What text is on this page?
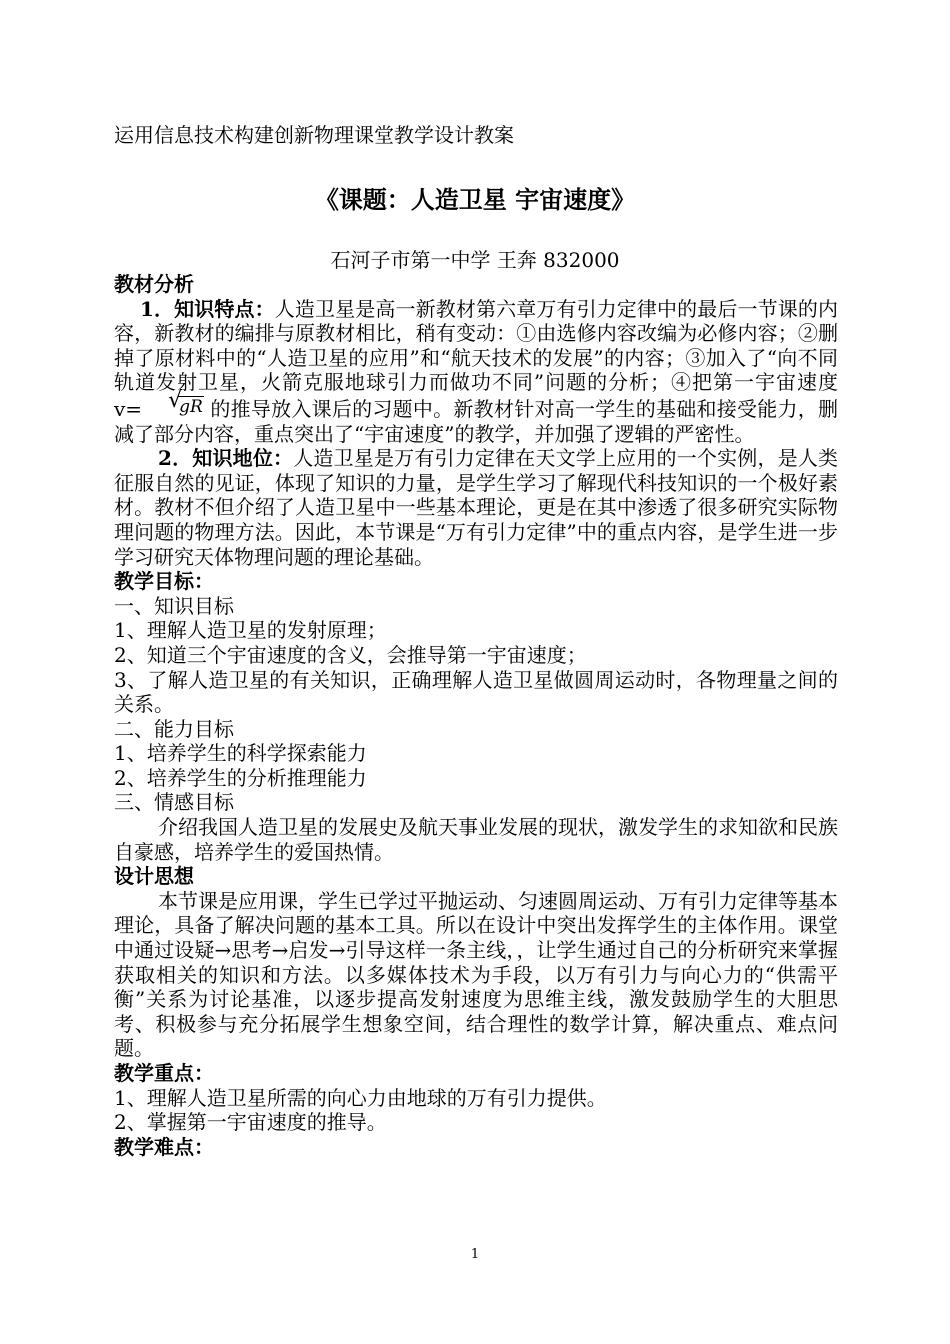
运用信息技术构建创新物理课堂教学设计教案
《课题：人造卫星 宇宙速度》
石河子市第一中学 王奔 832000

教材分析

1．知识特点：人造卫星是高一新教材第六章万有引力定律中的最后一节课的内容，新教材的编排与原教材相比，稍有变动：①由选修内容改编为必修内容；②删掉了原材料中的“人造卫星的应用”和“航天技术的发展”的内容；③加入了“向不同轨道发射卫星，火箭克服地球引力而做功不同”问题的分析；④把第一宇宙速度 v=	√
gR 的推导放入课后的习题中。新教材针对高一学生的基础和接受能力，删减了部分内容，重点突出了“宇宙速度”的教学，并加强了逻辑的严密性。

2．知识地位：人造卫星是万有引力定律在天文学上应用的一个实例，是人类征服自然的见证，体现了知识的力量，是学生学习了解现代科技知识的一个极好素材。教材不但介绍了人造卫星中一些基本理论，更是在其中渗透了很多研究实际物理问题的物理方法。因此，本节课是“万有引力定律”中的重点内容，是学生进一步学习研究天体物理问题的理论基础。

教学目标：

一、知识目标

1、理解人造卫星的发射原理；

2、知道三个宇宙速度的含义，会推导第一宇宙速度；

3、了解人造卫星的有关知识，正确理解人造卫星做圆周运动时，各物理量之间的关系。

二、能力目标

1、培养学生的科学探索能力

2、培养学生的分析推理能力

三、情感目标

介绍我国人造卫星的发展史及航天事业发展的现状，激发学生的求知欲和民族自豪感，培养学生的爱国热情。

设计思想

本节课是应用课，学生已学过平抛运动、匀速圆周运动、万有引力定律等基本理论，具备了解决问题的基本工具。所以在设计中突出发挥学生的主体作用。课堂中通过设疑→思考→启发→引导这样一条主线，，让学生通过自己的分析研究来掌握获取相关的知识和方法。以多媒体技术为手段，以万有引力与向心力的“供需平衡”关系为讨论基准，以逐步提高发射速度为思维主线，激发鼓励学生的大胆思考、积极参与充分拓展学生想象空间，结合理性的数学计算，解决重点、难点问题。

教学重点：

1、理解人造卫星所需的向心力由地球的万有引力提供。

2、掌握第一宇宙速度的推导。

教学难点：

1
